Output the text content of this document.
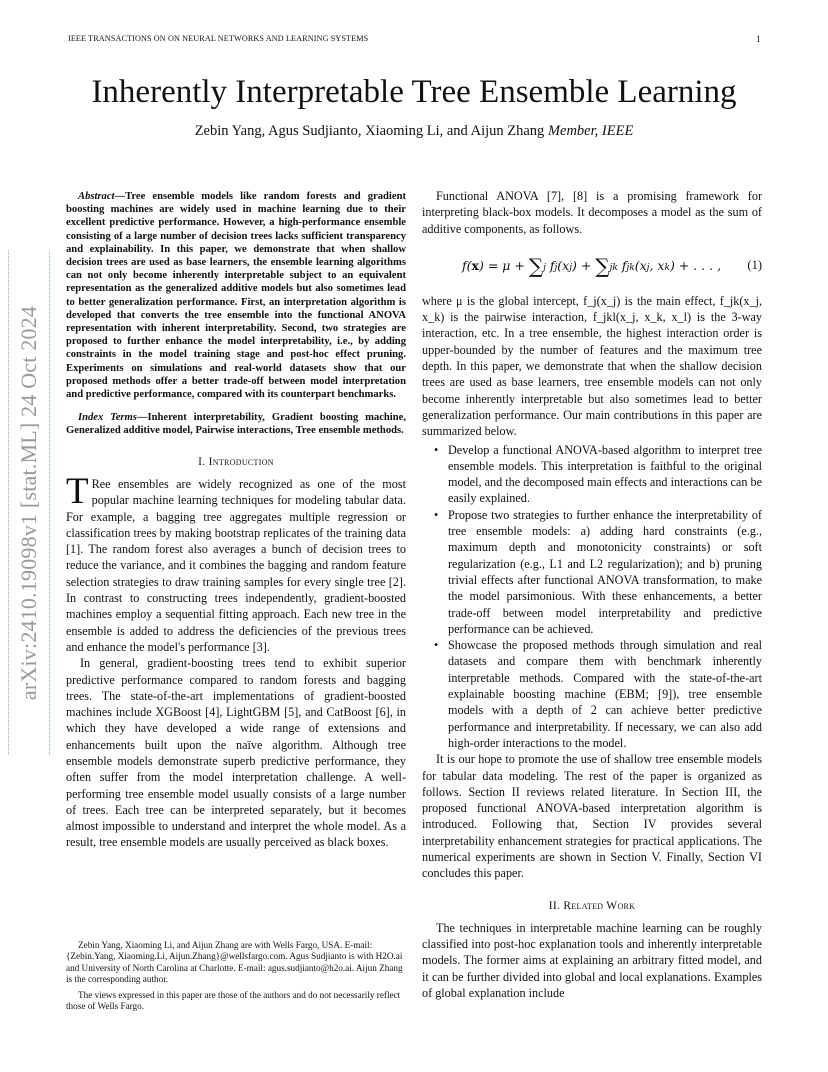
IEEE TRANSACTIONS ON ON NEURAL NETWORKS AND LEARNING SYSTEMS	1
arXiv:2410.19098v1 [stat.ML] 24 Oct 2024
Inherently Interpretable Tree Ensemble Learning
Zebin Yang, Agus Sudjianto, Xiaoming Li, and Aijun Zhang Member, IEEE

Abstract—Tree ensemble models like random forests and gradient boosting machines are widely used in machine learning due to their excellent predictive performance. However, a high-performance ensemble consisting of a large number of decision trees lacks sufficient transparency and explainability. In this paper, we demonstrate that when shallow decision trees are used as base learners, the ensemble learning algorithms can not only become inherently interpretable subject to an equivalent representation as the generalized additive models but also sometimes lead to better generalization performance. First, an interpretation algorithm is developed that converts the tree ensemble into the functional ANOVA representation with inherent interpretability. Second, two strategies are proposed to further enhance the model interpretability, i.e., by adding constraints in the model training stage and post-hoc effect pruning. Experiments on simulations and real-world datasets show that our proposed methods offer a better trade-off between model interpretation and predictive performance, compared with its counterpart benchmarks.

Index Terms—Inherent interpretability, Gradient boosting machine, Generalized additive model, Pairwise interactions, Tree ensemble methods.

I. Introduction

T Ree ensembles are widely recognized as one of the most popular machine learning techniques for modeling tabular data. For example, a bagging tree aggregates multiple regression or classification trees by making bootstrap replicates of the training data [1]. The random forest also averages a bunch of decision trees to reduce the variance, and it combines the bagging and random feature selection strategies to draw training samples for every single tree [2]. In contrast to constructing trees independently, gradient-boosted machines employ a sequential fitting approach. Each new tree in the ensemble is added to address the deficiencies of the previous trees and enhance the model's performance [3].

In general, gradient-boosting trees tend to exhibit superior predictive performance compared to random forests and bagging trees. The state-of-the-art implementations of gradient-boosted machines include XGBoost [4], LightGBM [5], and CatBoost [6], in which they have developed a wide range of extensions and enhancements built upon the naïve algorithm. Although tree ensemble models demonstrate superb predictive performance, they often suffer from the model interpretation challenge. A well-performing tree ensemble model usually consists of a large number of trees. Each tree can be interpreted separately, but it becomes almost impossible to understand and interpret the whole model. As a result, tree ensemble models are usually perceived as black boxes.

Zebin Yang, Xiaoming Li, and Aijun Zhang are with Wells Fargo, USA. E-mail: {Zebin.Yang, Xiaoming.Li, Aijun.Zhang}@wellsfargo.com. Agus Sudjianto is with H2O.ai and University of North Carolina at Charlotte. E-mail: agus.sudjianto@h2o.ai. Aijun Zhang is the corresponding author.

The views expressed in this paper are those of the authors and do not necessarily reflect those of Wells Fargo.

Functional ANOVA [7], [8] is a promising framework for interpreting black-box models. It decomposes a model as the sum of additive components, as follows.

f(x) = μ + ∑j fj(xj) + ∑jk fjk(xj, xk) + . . . , (1)

where μ is the global intercept, f_j(x_j) is the main effect, f_jk(x_j, x_k) is the pairwise interaction, f_jkl(x_j, x_k, x_l) is the 3-way interaction, etc. In a tree ensemble, the highest interaction order is upper-bounded by the number of features and the maximum tree depth. In this paper, we demonstrate that when the shallow decision trees are used as base learners, tree ensemble models can not only become inherently interpretable but also sometimes lead to better generalization performance. Our main contributions in this paper are summarized below.

• Develop a functional ANOVA-based algorithm to interpret tree ensemble models. This interpretation is faithful to the original model, and the decomposed main effects and interactions can be easily explained.
• Propose two strategies to further enhance the interpretability of tree ensemble models: a) adding hard constraints (e.g., maximum depth and monotonicity constraints) or soft regularization (e.g., L1 and L2 regularization); and b) pruning trivial effects after functional ANOVA transformation, to make the model parsimonious. With these enhancements, a better trade-off between model interpretability and predictive performance can be achieved.
• Showcase the proposed methods through simulation and real datasets and compare them with benchmark inherently interpretable methods. Compared with the state-of-the-art explainable boosting machine (EBM; [9]), tree ensemble models with a depth of 2 can achieve better predictive performance and interpretability. If necessary, we can also add high-order interactions to the model.

It is our hope to promote the use of shallow tree ensemble models for tabular data modeling. The rest of the paper is organized as follows. Section II reviews related literature. In Section III, the proposed functional ANOVA-based interpretation algorithm is introduced. Following that, Section IV provides several interpretability enhancement strategies for practical applications. The numerical experiments are shown in Section V. Finally, Section VI concludes this paper.

II. Related Work

The techniques in interpretable machine learning can be roughly classified into post-hoc explanation tools and inherently interpretable models. The former aims at explaining an arbitrary fitted model, and it can be further divided into global and local explanations. Examples of global explanation include
